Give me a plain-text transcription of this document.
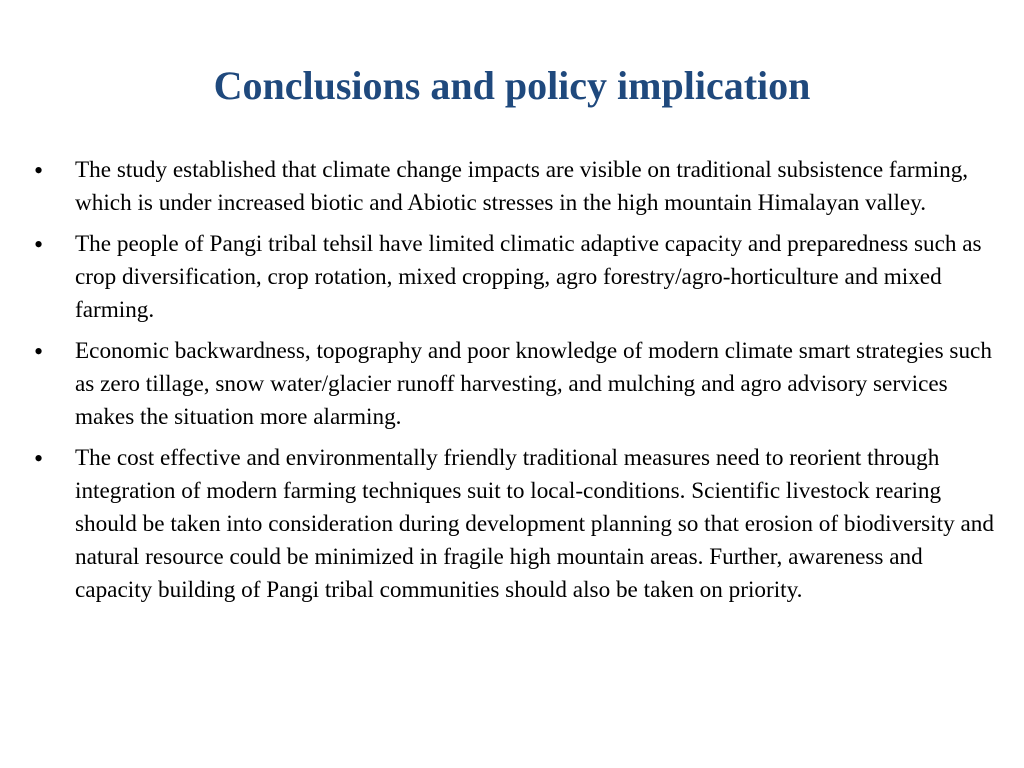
Conclusions and policy implication
•	The study established that climate change impacts are visible on traditional subsistence farming, which is under increased biotic and Abiotic stresses in the high mountain Himalayan valley.
•	The people of Pangi tribal tehsil have limited climatic adaptive capacity and preparedness such as crop diversification, crop rotation, mixed cropping, agro forestry/agro-horticulture and mixed farming.
•	Economic backwardness, topography and poor knowledge of modern climate smart strategies such as zero tillage, snow water/glacier runoff harvesting, and mulching and agro advisory services makes the situation more alarming.
•	The cost effective and environmentally friendly traditional measures need to reorient through integration of modern farming techniques suit to local-conditions. Scientific livestock rearing should be taken into consideration during development planning so that erosion of biodiversity and natural resource could be minimized in fragile high mountain areas. Further, awareness and capacity building of Pangi tribal communities should also be taken on priority.
